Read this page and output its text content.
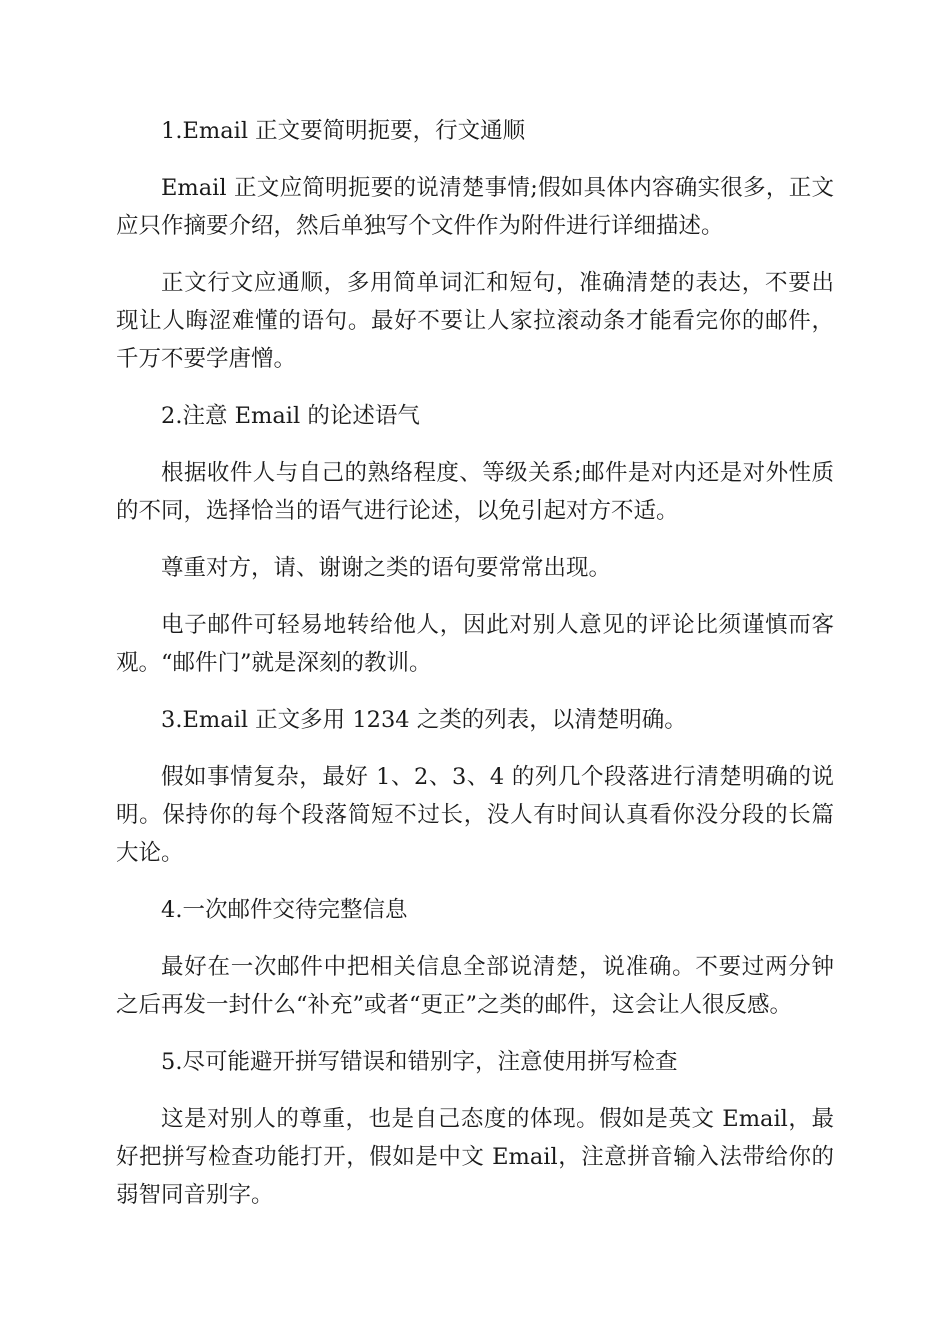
1.Email 正文要简明扼要，行文通顺

Email 正文应简明扼要的说清楚事情;假如具体内容确实很多，正文应只作摘要介绍，然后单独写个文件作为附件进行详细描述。

正文行文应通顺，多用简单词汇和短句，准确清楚的表达，不要出现让人晦涩难懂的语句。最好不要让人家拉滚动条才能看完你的邮件，千万不要学唐憎。

2.注意 Email 的论述语气

根据收件人与自己的熟络程度、等级关系;邮件是对内还是对外性质的不同，选择恰当的语气进行论述，以免引起对方不适。

尊重对方，请、谢谢之类的语句要常常出现。

电子邮件可轻易地转给他人，因此对别人意见的评论比须谨慎而客观。“邮件门”就是深刻的教训。

3.Email 正文多用 1234 之类的列表，以清楚明确。

假如事情复杂，最好 1、2、3、4 的列几个段落进行清楚明确的说明。保持你的每个段落简短不过长，没人有时间认真看你没分段的长篇大论。

4.一次邮件交待完整信息

最好在一次邮件中把相关信息全部说清楚，说准确。不要过两分钟之后再发一封什么“补充”或者“更正”之类的邮件，这会让人很反感。

5.尽可能避开拼写错误和错别字，注意使用拼写检查

这是对别人的尊重，也是自己态度的体现。假如是英文 Email，最好把拼写检查功能打开，假如是中文 Email，注意拼音输入法带给你的弱智同音别字。
